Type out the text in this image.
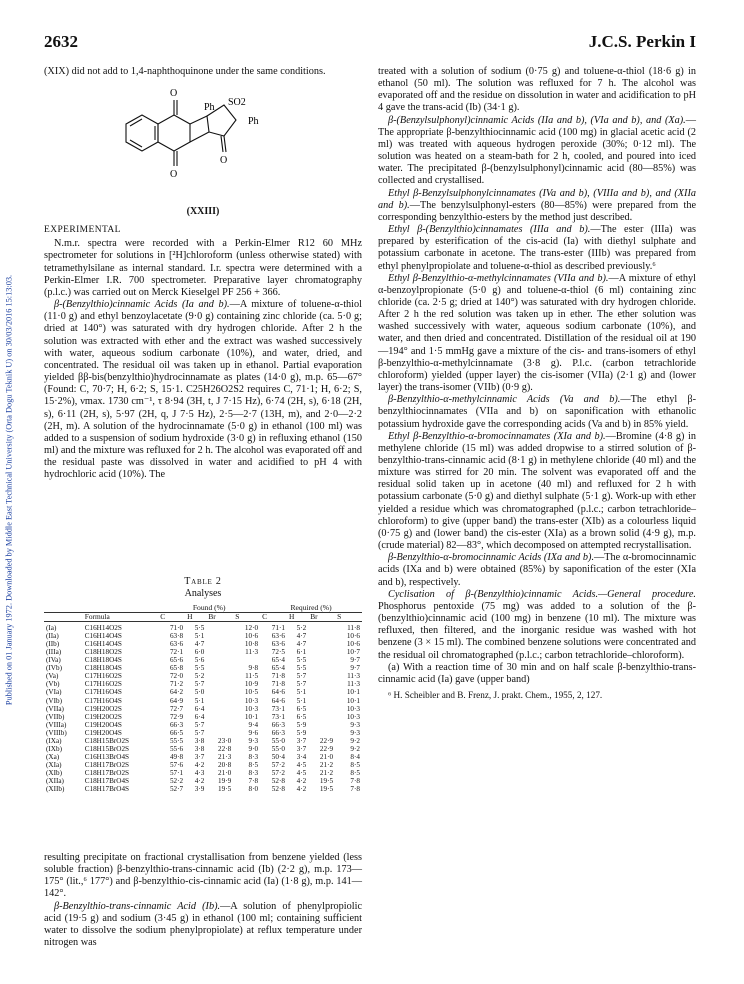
Published on 01 January 1972. Downloaded by Middle East Technical University (Orta Dogu Teknik U) on 30/03/2016 15:13:03.
2632	J.C.S. Perkin I

(XIX) did not add to 1,4-naphthoquinone under the same conditions.

O
Ph SO2
Ph
O
O
(XXIII)
EXPERIMENTAL

N.m.r. spectra were recorded with a Perkin-Elmer R12 60 MHz spectrometer for solutions in [²H]chloroform (unless otherwise stated) with tetramethylsilane as internal standard. I.r. spectra were determined with a Perkin-Elmer I.R. 700 spectrometer. Preparative layer chromatography (p.l.c.) was carried out on Merck Kieselgel PF 256 + 366.

β-(Benzylthio)cinnamic Acids (Ia and b).—A mixture of toluene-α-thiol (11·0 g) and ethyl benzoylacetate (9·0 g) containing zinc chloride (ca. 5·0 g; dried at 140°) was saturated with dry hydrogen chloride. After 2 h the solution was extracted with ether and the extract was washed successively with water, aqueous sodium carbonate (10%), and water, dried, and concentrated. The residual oil was taken up in ethanol. Partial evaporation yielded ββ-bis(benzylthio)hydrocinnamate as plates (14·0 g), m.p. 65—67° (Found: C, 70·7; H, 6·2; S, 15·1. C25H26O2S2 requires C, 71·1; H, 6·2; S, 15·2%), νmax. 1730 cm⁻¹, τ 8·94 (3H, t, J 7·15 Hz), 6·74 (2H, s), 6·18 (2H, s), 6·11 (2H, s), 5·97 (2H, q, J 7·5 Hz), 2·5—2·7 (13H, m), and 2·0—2·2 (2H, m). A solution of the hydrocinnamate (5·0 g) in ethanol (100 ml) was added to a suspension of sodium hydroxide (3·0 g) in refluxing ethanol (150 ml) and the mixture was refluxed for 2 h. The alcohol was evaporated off and the residual paste was dissolved in water and acidified to pH 4 with hydrochloric acid (10%). The

Table 2
Analyses
		Found (%)				Required (%)			
	Formula	C	H	Br	S	C	H	Br	S
(Ia)	C16H14O2S	71·0	5·5		12·0	71·1	5·2		11·8
(IIa)	C16H14O4S	63·8	5·1		10·6	63·6	4·7		10·6
(IIb)	C16H14O4S	63·6	4·7		10·8	63·6	4·7		10·6
(IIIa)	C18H18O2S	72·1	6·0		11·3	72·5	6·1		10·7
(IVa)	C18H18O4S	65·6	5·6			65·4	5·5		9·7
(IVb)	C18H18O4S	65·8	5·5		9·8	65·4	5·5		9·7
(Va)	C17H16O2S	72·0	5·2		11·5	71·8	5·7		11·3
(Vb)	C17H16O2S	71·2	5·7		10·9	71·8	5·7		11·3
(VIa)	C17H16O4S	64·2	5·0		10·5	64·6	5·1		10·1
(VIb)	C17H16O4S	64·9	5·1		10·3	64·6	5·1		10·1
(VIIa)	C19H20O2S	72·7	6·4		10·3	73·1	6·5		10·3
(VIIb)	C19H20O2S	72·9	6·4		10·1	73·1	6·5		10·3
(VIIIa)	C19H20O4S	66·3	5·7		9·4	66·3	5·9		9·3
(VIIIb)	C19H20O4S	66·5	5·7		9·6	66·3	5·9		9·3
(IXa)	C18H15BrO2S	55·5	3·8	23·0	9·3	55·0	3·7	22·9	9·2
(IXb)	C18H15BrO2S	55·6	3·8	22·8	9·0	55·0	3·7	22·9	9·2
(Xa)	C16H13BrO4S	49·8	3·7	21·3	8·3	50·4	3·4	21·0	8·4
(XIa)	C18H17BrO2S	57·6	4·2	20·8	8·5	57·2	4·5	21·2	8·5
(XIb)	C18H17BrO2S	57·1	4·3	21·0	8·3	57·2	4·5	21·2	8·5
(XIIa)	C18H17BrO4S	52·2	4·2	19·9	7·8	52·8	4·2	19·5	7·8
(XIIb)	C18H17BrO4S	52·7	3·9	19·5	8·0	52·8	4·2	19·5	7·8

resulting precipitate on fractional crystallisation from benzene yielded (less soluble fraction) β-benzylthio-trans-cinnamic acid (Ib) (2·2 g), m.p. 173—175° (lit.,⁶ 177°) and β-benzylthio-cis-cinnamic acid (Ia) (1·8 g), m.p. 141—142°.

β-Benzylthio-trans-cinnamic Acid (Ib).—A solution of phenylpropiolic acid (19·5 g) and sodium (3·45 g) in ethanol (100 ml; containing sufficient water to dissolve the sodium phenylpropiolate) at reflux temperature under nitrogen was

treated with a solution of sodium (0·75 g) and toluene-α-thiol (18·6 g) in ethanol (50 ml). The solution was refluxed for 7 h. The alcohol was evaporated off and the residue on dissolution in water and acidification to pH 4 gave the trans-acid (Ib) (34·1 g).

β-(Benzylsulphonyl)cinnamic Acids (IIa and b), (VIa and b), and (Xa).—The appropriate β-benzylthiocinnamic acid (100 mg) in glacial acetic acid (2 ml) was treated with aqueous hydrogen peroxide (30%; 0·12 ml). The solution was heated on a steam-bath for 2 h, cooled, and poured into iced water. The precipitated β-(benzylsulphonyl)cinnamic acid (80—85%) was collected and crystallised.

Ethyl β-Benzylsulphonylcinnamates (IVa and b), (VIIIa and b), and (XIIa and b).—The benzylsulphonyl-esters (80—85%) were prepared from the corresponding benzylthio-esters by the method just described.

Ethyl β-(Benzylthio)cinnamates (IIIa and b).—The ester (IIIa) was prepared by esterification of the cis-acid (Ia) with diethyl sulphate and potassium carbonate in acetone. The trans-ester (IIIb) was prepared from ethyl phenylpropiolate and toluene-α-thiol as described previously.⁶

Ethyl β-Benzylthio-α-methylcinnamates (VIIa and b).—A mixture of ethyl α-benzoylpropionate (5·0 g) and toluene-α-thiol (6 ml) containing zinc chloride (ca. 2·5 g; dried at 140°) was saturated with dry hydrogen chloride. After 2 h the red solution was taken up in ether. The ether solution was washed successively with water, aqueous sodium carbonate (10%), and water, and then dried and concentrated. Distillation of the residual oil at 190—194° and 1·5 mmHg gave a mixture of the cis- and trans-isomers of ethyl β-benzylthio-α-methylcinnamate (3·8 g). P.l.c. (carbon tetrachloride chloroform) yielded (upper layer) the cis-isomer (VIIa) (2·1 g) and (lower layer) the trans-isomer (VIIb) (0·9 g).

β-Benzylthio-α-methylcinnamic Acids (Va and b).—The ethyl β-benzylthiocinnamates (VIIa and b) on saponification with ethanolic potassium hydroxide gave the corresponding acids (Va and b) in 85% yield.

Ethyl β-Benzylthio-α-bromocinnamates (XIa and b).—Bromine (4·8 g) in methylene chloride (15 ml) was added dropwise to a stirred solution of β-benzylthio-trans-cinnamic acid (8·1 g) in methylene chloride (40 ml) and the mixture was stirred for 20 min. The solvent was evaporated off and the residual solid taken up in acetone (40 ml) and refluxed for 2 h with potassium carbonate (5·0 g) and diethyl sulphate (5·1 g). Work-up with ether yielded a residue which was chromatographed (p.l.c.; carbon tetrachloride–chloroform) to give (upper band) the trans-ester (XIb) as a colourless liquid (0·75 g) and (lower band) the cis-ester (XIa) as a brown solid (4·9 g), m.p. (crude material) 82—83°, which decomposed on attempted recrystallisation.

β-Benzylthio-α-bromocinnamic Acids (IXa and b).—The α-bromocinnamic acids (IXa and b) were obtained (85%) by saponification of the ester (XIa and b), respectively.

Cyclisation of β-(Benzylthio)cinnamic Acids.—General procedure. Phosphorus pentoxide (75 mg) was added to a solution of the β-(benzylthio)cinnamic acid (100 mg) in benzene (10 ml). The mixture was refluxed, then filtered, and the inorganic residue was washed with hot benzene (3 × 15 ml). The combined benzene solutions were concentrated and the residual oil chromatographed (p.l.c.; carbon tetrachloride–chloroform).

(a) With a reaction time of 30 min and on half scale β-benzylthio-trans-cinnamic acid (Ia) gave (upper band)

⁶ H. Scheibler and B. Frenz, J. prakt. Chem., 1955, 2, 127.
